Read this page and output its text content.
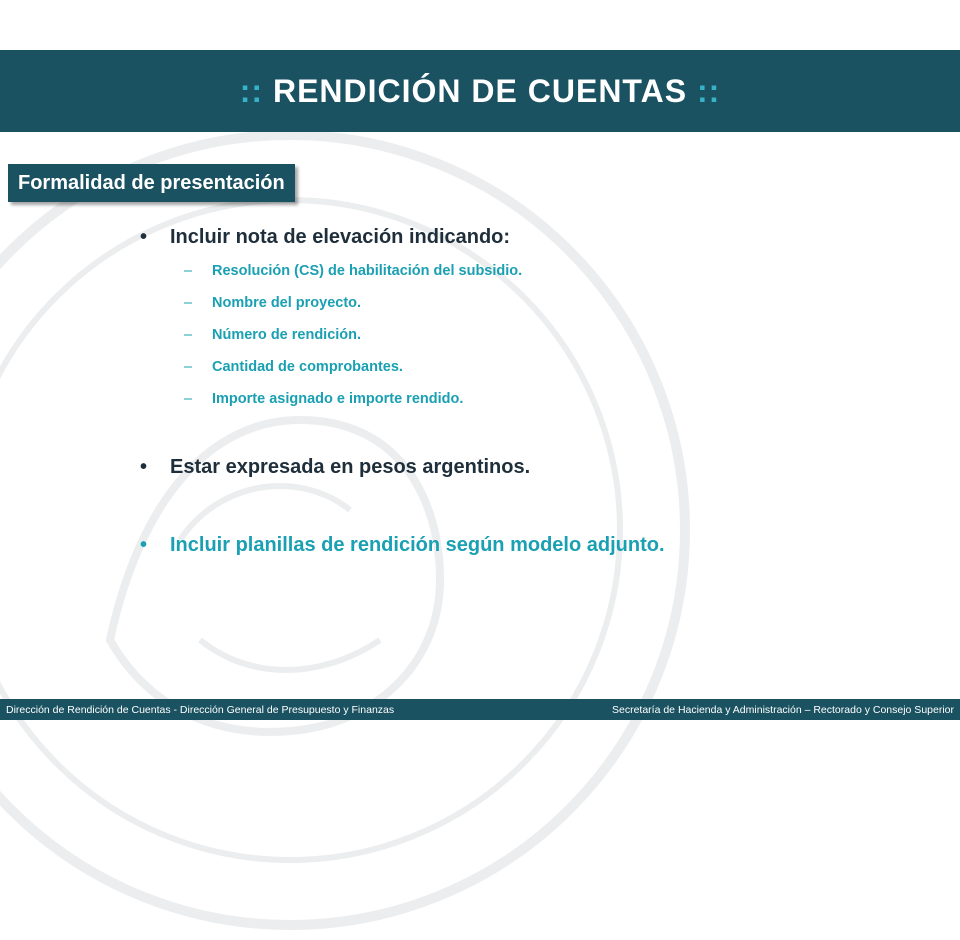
:: RENDICIÓN DE CUENTAS ::
Formalidad de presentación
•	Incluir nota de elevación indicando:
–	Resolución (CS) de habilitación del subsidio.
–	Nombre del proyecto.
–	Número de rendición.
–	Cantidad de comprobantes.
–	Importe asignado e importe rendido.
•	Estar expresada en pesos argentinos.
•	Incluir planillas de rendición según modelo adjunto.
Dirección de Rendición de Cuentas - Dirección General de Presupuesto y Finanzas	Secretaría de Hacienda y Administración – Rectorado y Consejo Superior
